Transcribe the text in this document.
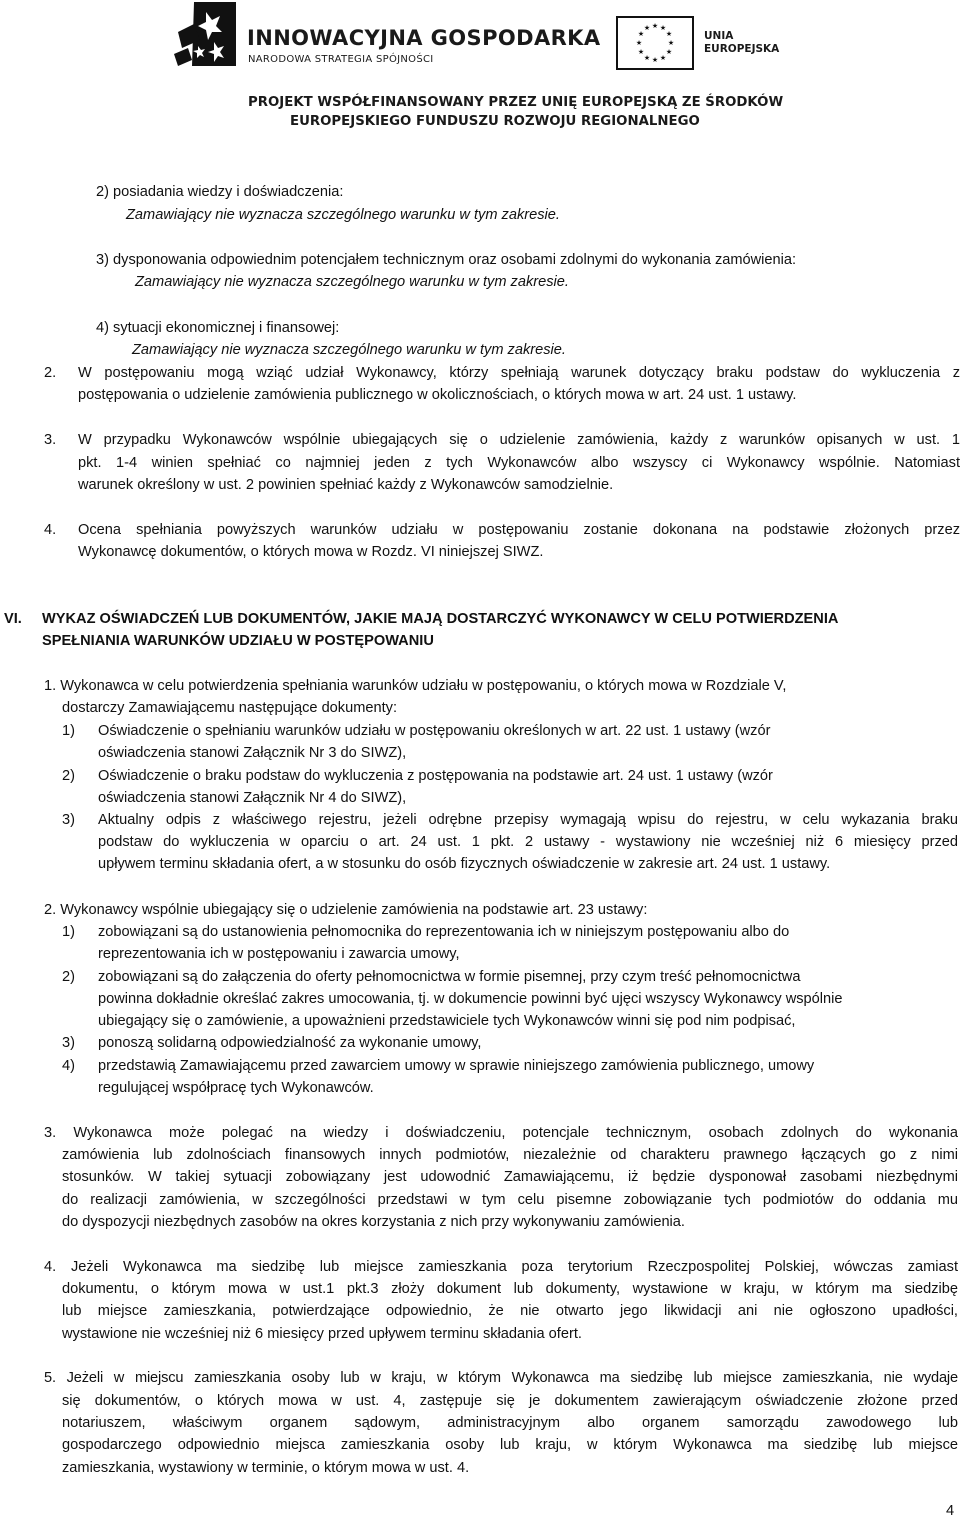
INNOWACYJNA GOSPODARKA
NARODOWA STRATEGIA SPÓJNOŚCI
★ ★
★
★
★
★
★
★
★
★
★
★
UNIA
EUROPEJSKA
PROJEKT WSPÓŁFINANSOWANY PRZEZ UNIĘ EUROPEJSKĄ ZE ŚRODKÓW
EUROPEJSKIEGO FUNDUSZU ROZWOJU REGIONALNEGO
2) posiadania wiedzy i doświadczenia:
Zamawiający nie wyznacza szczególnego warunku w tym zakresie.
3) dysponowania odpowiednim potencjałem technicznym oraz osobami zdolnymi do wykonania zamówienia:
Zamawiający nie wyznacza szczególnego warunku w tym zakresie.
4) sytuacji ekonomicznej i finansowej:
Zamawiający nie wyznacza szczególnego warunku w tym zakresie.
2. W postępowaniu mogą wziąć udział Wykonawcy, którzy spełniają warunek dotyczący braku podstaw do wykluczenia z
postępowania o udzielenie zamówienia publicznego w okolicznościach, o których mowa w art. 24 ust. 1 ustawy.
3. W przypadku Wykonawców wspólnie ubiegających się o udzielenie zamówienia, każdy z warunków opisanych w ust. 1
pkt. 1-4 winien spełniać co najmniej jeden z tych Wykonawców albo wszyscy ci Wykonawcy wspólnie. Natomiast
warunek określony w ust. 2 powinien spełniać każdy z Wykonawców samodzielnie.
4. Ocena spełniania powyższych warunków udziału w postępowaniu zostanie dokonana na podstawie złożonych przez
Wykonawcę dokumentów, o których mowa w Rozdz. VI niniejszej SIWZ.
VI. WYKAZ OŚWIADCZEŃ LUB DOKUMENTÓW, JAKIE MAJĄ DOSTARCZYĆ WYKONAWCY W CELU POTWIERDZENIA
SPEŁNIANIA WARUNKÓW UDZIAŁU W POSTĘPOWANIU
1. Wykonawca w celu potwierdzenia spełniania warunków udziału w postępowaniu, o których mowa w Rozdziale V,
dostarczy Zamawiającemu następujące dokumenty:
1) Oświadczenie o spełnianiu warunków udziału w postępowaniu określonych w art. 22 ust. 1 ustawy (wzór
oświadczenia stanowi Załącznik Nr 3 do SIWZ),
2) Oświadczenie o braku podstaw do wykluczenia z postępowania na podstawie art. 24 ust. 1 ustawy (wzór
oświadczenia stanowi Załącznik Nr 4 do SIWZ),
3) Aktualny odpis z właściwego rejestru, jeżeli odrębne przepisy wymagają wpisu do rejestru, w celu wykazania braku
podstaw do wykluczenia w oparciu o art. 24 ust. 1 pkt. 2 ustawy - wystawiony nie wcześniej niż 6 miesięcy przed
upływem terminu składania ofert, a w stosunku do osób fizycznych oświadczenie w zakresie art. 24 ust. 1 ustawy.
2. Wykonawcy wspólnie ubiegający się o udzielenie zamówienia na podstawie art. 23 ustawy:
1) zobowiązani są do ustanowienia pełnomocnika do reprezentowania ich w niniejszym postępowaniu albo do
reprezentowania ich w postępowaniu i zawarcia umowy,
2) zobowiązani są do załączenia do oferty pełnomocnictwa w formie pisemnej, przy czym treść pełnomocnictwa
powinna dokładnie określać zakres umocowania, tj. w dokumencie powinni być ujęci wszyscy Wykonawcy wspólnie
ubiegający się o zamówienie, a upoważnieni przedstawiciele tych Wykonawców winni się pod nim podpisać,
3) ponoszą solidarną odpowiedzialność za wykonanie umowy,
4) przedstawią Zamawiającemu przed zawarciem umowy w sprawie niniejszego zamówienia publicznego, umowy
regulującej współpracę tych Wykonawców.
3. Wykonawca może polegać na wiedzy i doświadczeniu, potencjale technicznym, osobach zdolnych do wykonania
zamówienia lub zdolnościach finansowych innych podmiotów, niezależnie od charakteru prawnego łączących go z nimi
stosunków. W takiej sytuacji zobowiązany jest udowodnić Zamawiającemu, iż będzie dysponował zasobami niezbędnymi
do realizacji zamówienia, w szczególności przedstawi w tym celu pisemne zobowiązanie tych podmiotów do oddania mu
do dyspozycji niezbędnych zasobów na okres korzystania z nich przy wykonywaniu zamówienia.
4. Jeżeli Wykonawca ma siedzibę lub miejsce zamieszkania poza terytorium Rzeczpospolitej Polskiej, wówczas zamiast
dokumentu, o którym mowa w ust.1 pkt.3 złoży dokument lub dokumenty, wystawione w kraju, w którym ma siedzibę
lub miejsce zamieszkania, potwierdzające odpowiednio, że nie otwarto jego likwidacji ani nie ogłoszono upadłości,
wystawione nie wcześniej niż 6 miesięcy przed upływem terminu składania ofert.
5. Jeżeli w miejscu zamieszkania osoby lub w kraju, w którym Wykonawca ma siedzibę lub miejsce zamieszkania, nie wydaje
się dokumentów, o których mowa w ust. 4, zastępuje się je dokumentem zawierającym oświadczenie złożone przed
notariuszem, właściwym organem sądowym, administracyjnym albo organem samorządu zawodowego lub
gospodarczego odpowiednio miejsca zamieszkania osoby lub kraju, w którym Wykonawca ma siedzibę lub miejsce
zamieszkania, wystawiony w terminie, o którym mowa w ust. 4.
4
